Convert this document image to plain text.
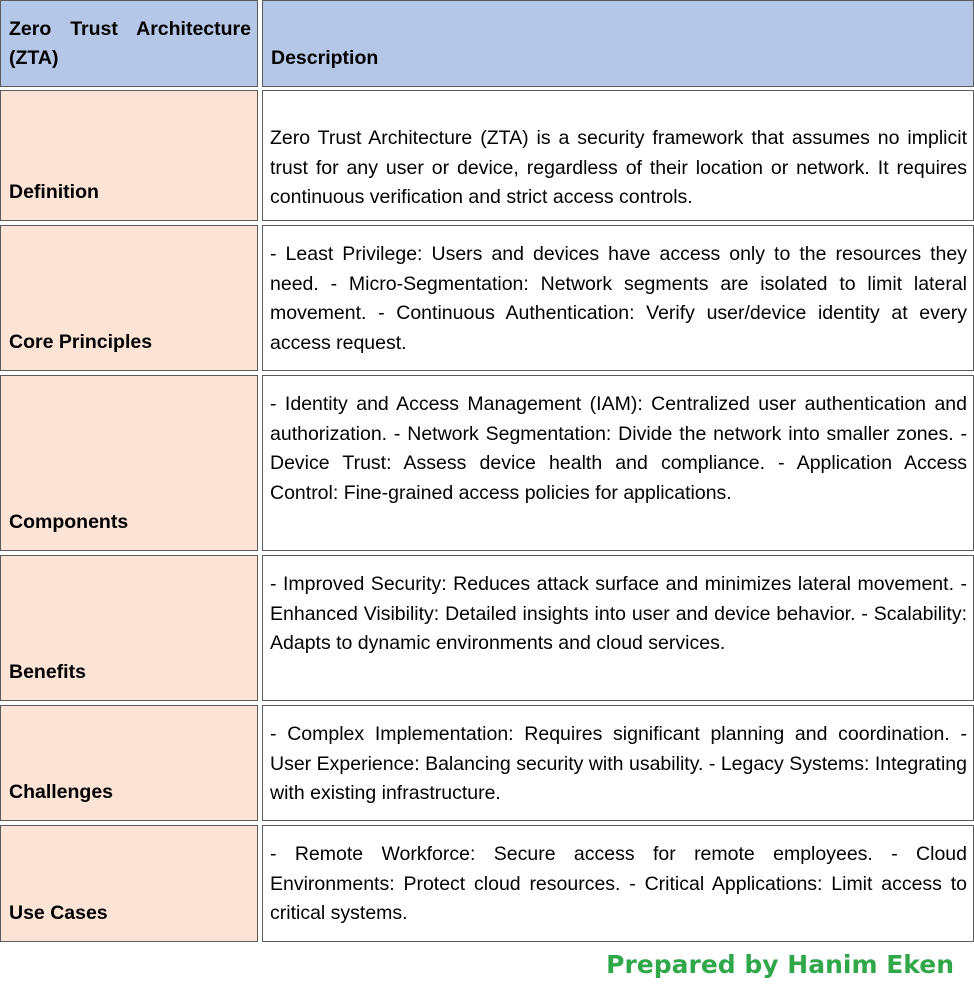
Zero Trust Architecture (ZTA)	Description
Definition
Zero Trust Architecture (ZTA) is a security framework that assumes no implicit trust for any user or device, regardless of their location or network. It requires continuous verification and strict access controls.
Core Principles
- Least Privilege: Users and devices have access only to the resources they need. - Micro-Segmentation: Network segments are isolated to limit lateral movement. - Continuous Authentication: Verify user/device identity at every access request.
Components
- Identity and Access Management (IAM): Centralized user authentication and authorization. - Network Segmentation: Divide the network into smaller zones. - Device Trust: Assess device health and compliance. - Application Access Control: Fine-grained access policies for applications.
Benefits
- Improved Security: Reduces attack surface and minimizes lateral movement. - Enhanced Visibility: Detailed insights into user and device behavior. - Scalability: Adapts to dynamic environments and cloud services.
Challenges
- Complex Implementation: Requires significant planning and coordination. - User Experience: Balancing security with usability. - Legacy Systems: Integrating with existing infrastructure.
Use Cases
- Remote Workforce: Secure access for remote employees. - Cloud Environments: Protect cloud resources. - Critical Applications: Limit access to critical systems.
Prepared by Hanim Eken
